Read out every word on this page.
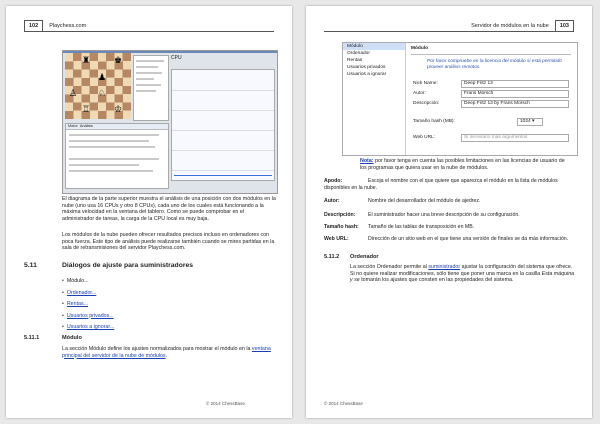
102 Playchess.com
♜	♚
♟
♙ ♘
♖	♔
CPU
Motor Análisis
El diagrama de la parte superior muestra el análisis de una posición con dos módulos en la nube (uno usa 16 CPUs y otro 8 CPUs), cada uno de los cuales está funcionando a la máxima velocidad en la ventana del tablero. Como se puede comprobar en el administrador de tareas, la carga de la CPU local es muy baja.
Los módulos de la nube pueden ofrecer resultados precisos incluso en ordenadores con poca fuerza. Este tipo de análisis puede realizarse también cuando se mires partidas en la sala de retransmisiones del servidor Playchess.com.
5.11	Diálogos de ajuste para suministradores
• Módulo...
• Ordenador...
• Rentas...
• Usuarios privados...
• Usuarios a ignorar...
5.11.1	Módulo
La sección Módulo define los ajustes normalizados para mostrar el módulo en la ventana principal del servidor de la nube de módulos.
© 2014 ChessBase
Servidor de módulos en la nube 103
Módulo
Ordenador
Rentas
Usuarios privados
Usuarios a ignorar
Módulo
Por favor compruebe en la licencia del módulo si está permitido proveer análisis remotos.
Nick Name:	Deep Fritz 13
Autor:	Frans Morsch
Descripción:	Deep Fritz 13 by Frans Morsch
Tamaño hash (MB):	1024 ▾
Web URL:	Si necesario más argumentos
Nota: por favor tenga en cuenta las posibles limitaciones en las licencias de usuario de los programas que quiera usar en la nube de módulos.
Apodo:	Escoja el nombre con el que quiere que aparezca el módulo en la lista de módulos disponibles en la nube.
Autor:	Nombre del desarrollador del módulo de ajedrez.
Descripción: El suministrador hacer una breve descripción de su configuración.
Tamaño hash: Tamaño de las tablas de transposición en MB.
Web URL:	Dirección de un sitio web en el que tiene una versión de finales se da más información.
5.11.2 Ordenador
La sección Ordenador permite al suministrador ajustar la configuración del sistema que ofrece. Si no quiere realizar modificaciones, sólo tiene que poner una marca en la casilla Esta máquina y se tomarán los ajustes que consten en las propiedades del sistema.
© 2014 ChessBase
